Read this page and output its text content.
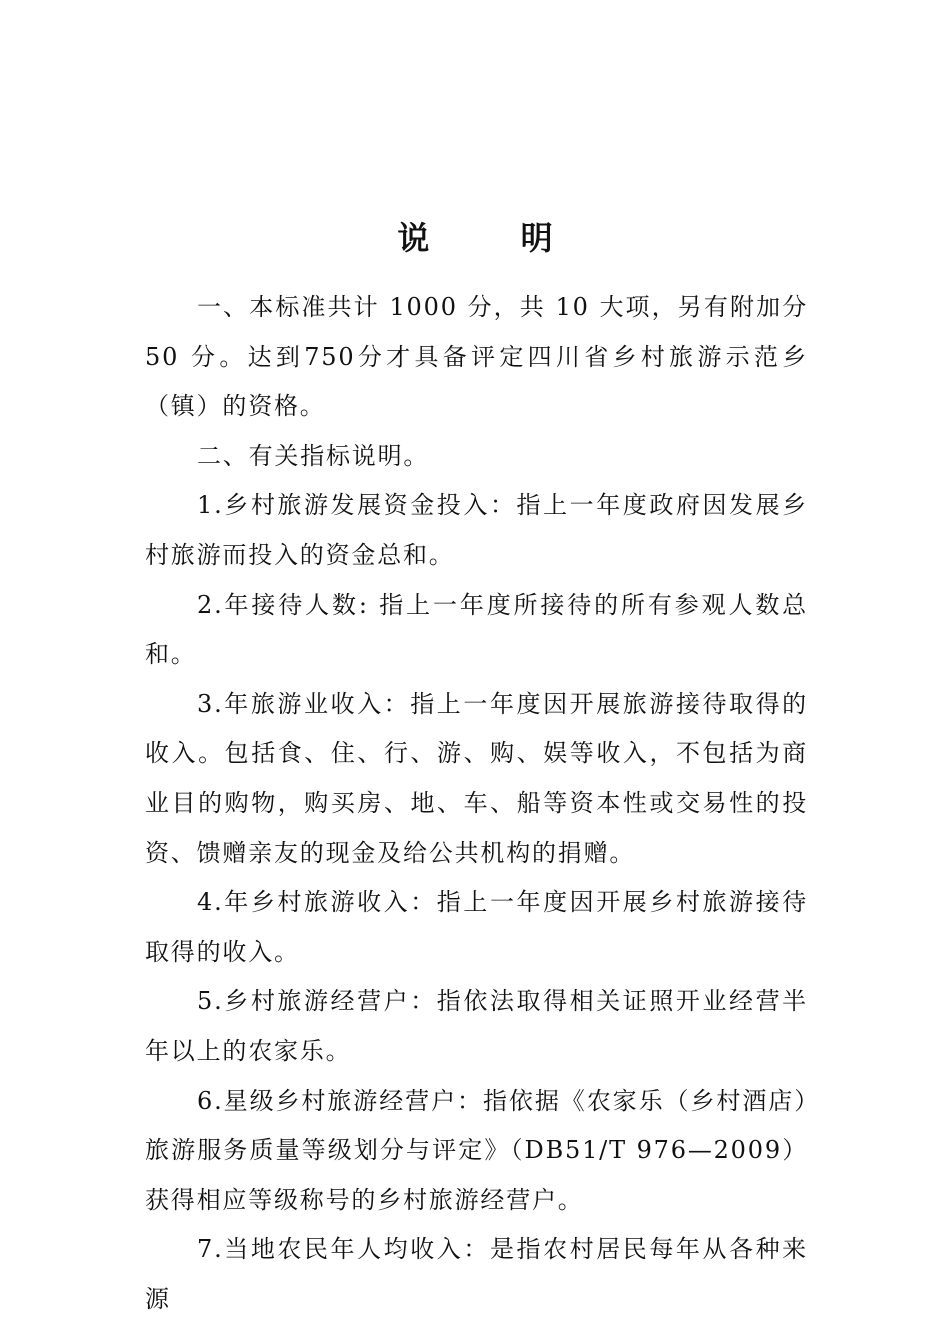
说 明

一、本标准共计 1000 分，共 10 大项，另有附加分 50 分。达到750分才具备评定四川省乡村旅游示范乡（镇）的资格。

二、有关指标说明。

1.乡村旅游发展资金投入：指上一年度政府因发展乡村旅游而投入的资金总和。

2.年接待人数: 指上一年度所接待的所有参观人数总和。

3.年旅游业收入：指上一年度因开展旅游接待取得的收入。包括食、住、行、游、购、娱等收入，不包括为商业目的购物，购买房、地、车、船等资本性或交易性的投资、馈赠亲友的现金及给公共机构的捐赠。

4.年乡村旅游收入：指上一年度因开展乡村旅游接待取得的收入。

5.乡村旅游经营户：指依法取得相关证照开业经营半年以上的农家乐。

6.星级乡村旅游经营户：指依据《农家乐（乡村酒店）旅游服务质量等级划分与评定》（DB51/T 976—2009）获得相应等级称号的乡村旅游经营户。

7.当地农民年人均收入：是指农村居民每年从各种来源
